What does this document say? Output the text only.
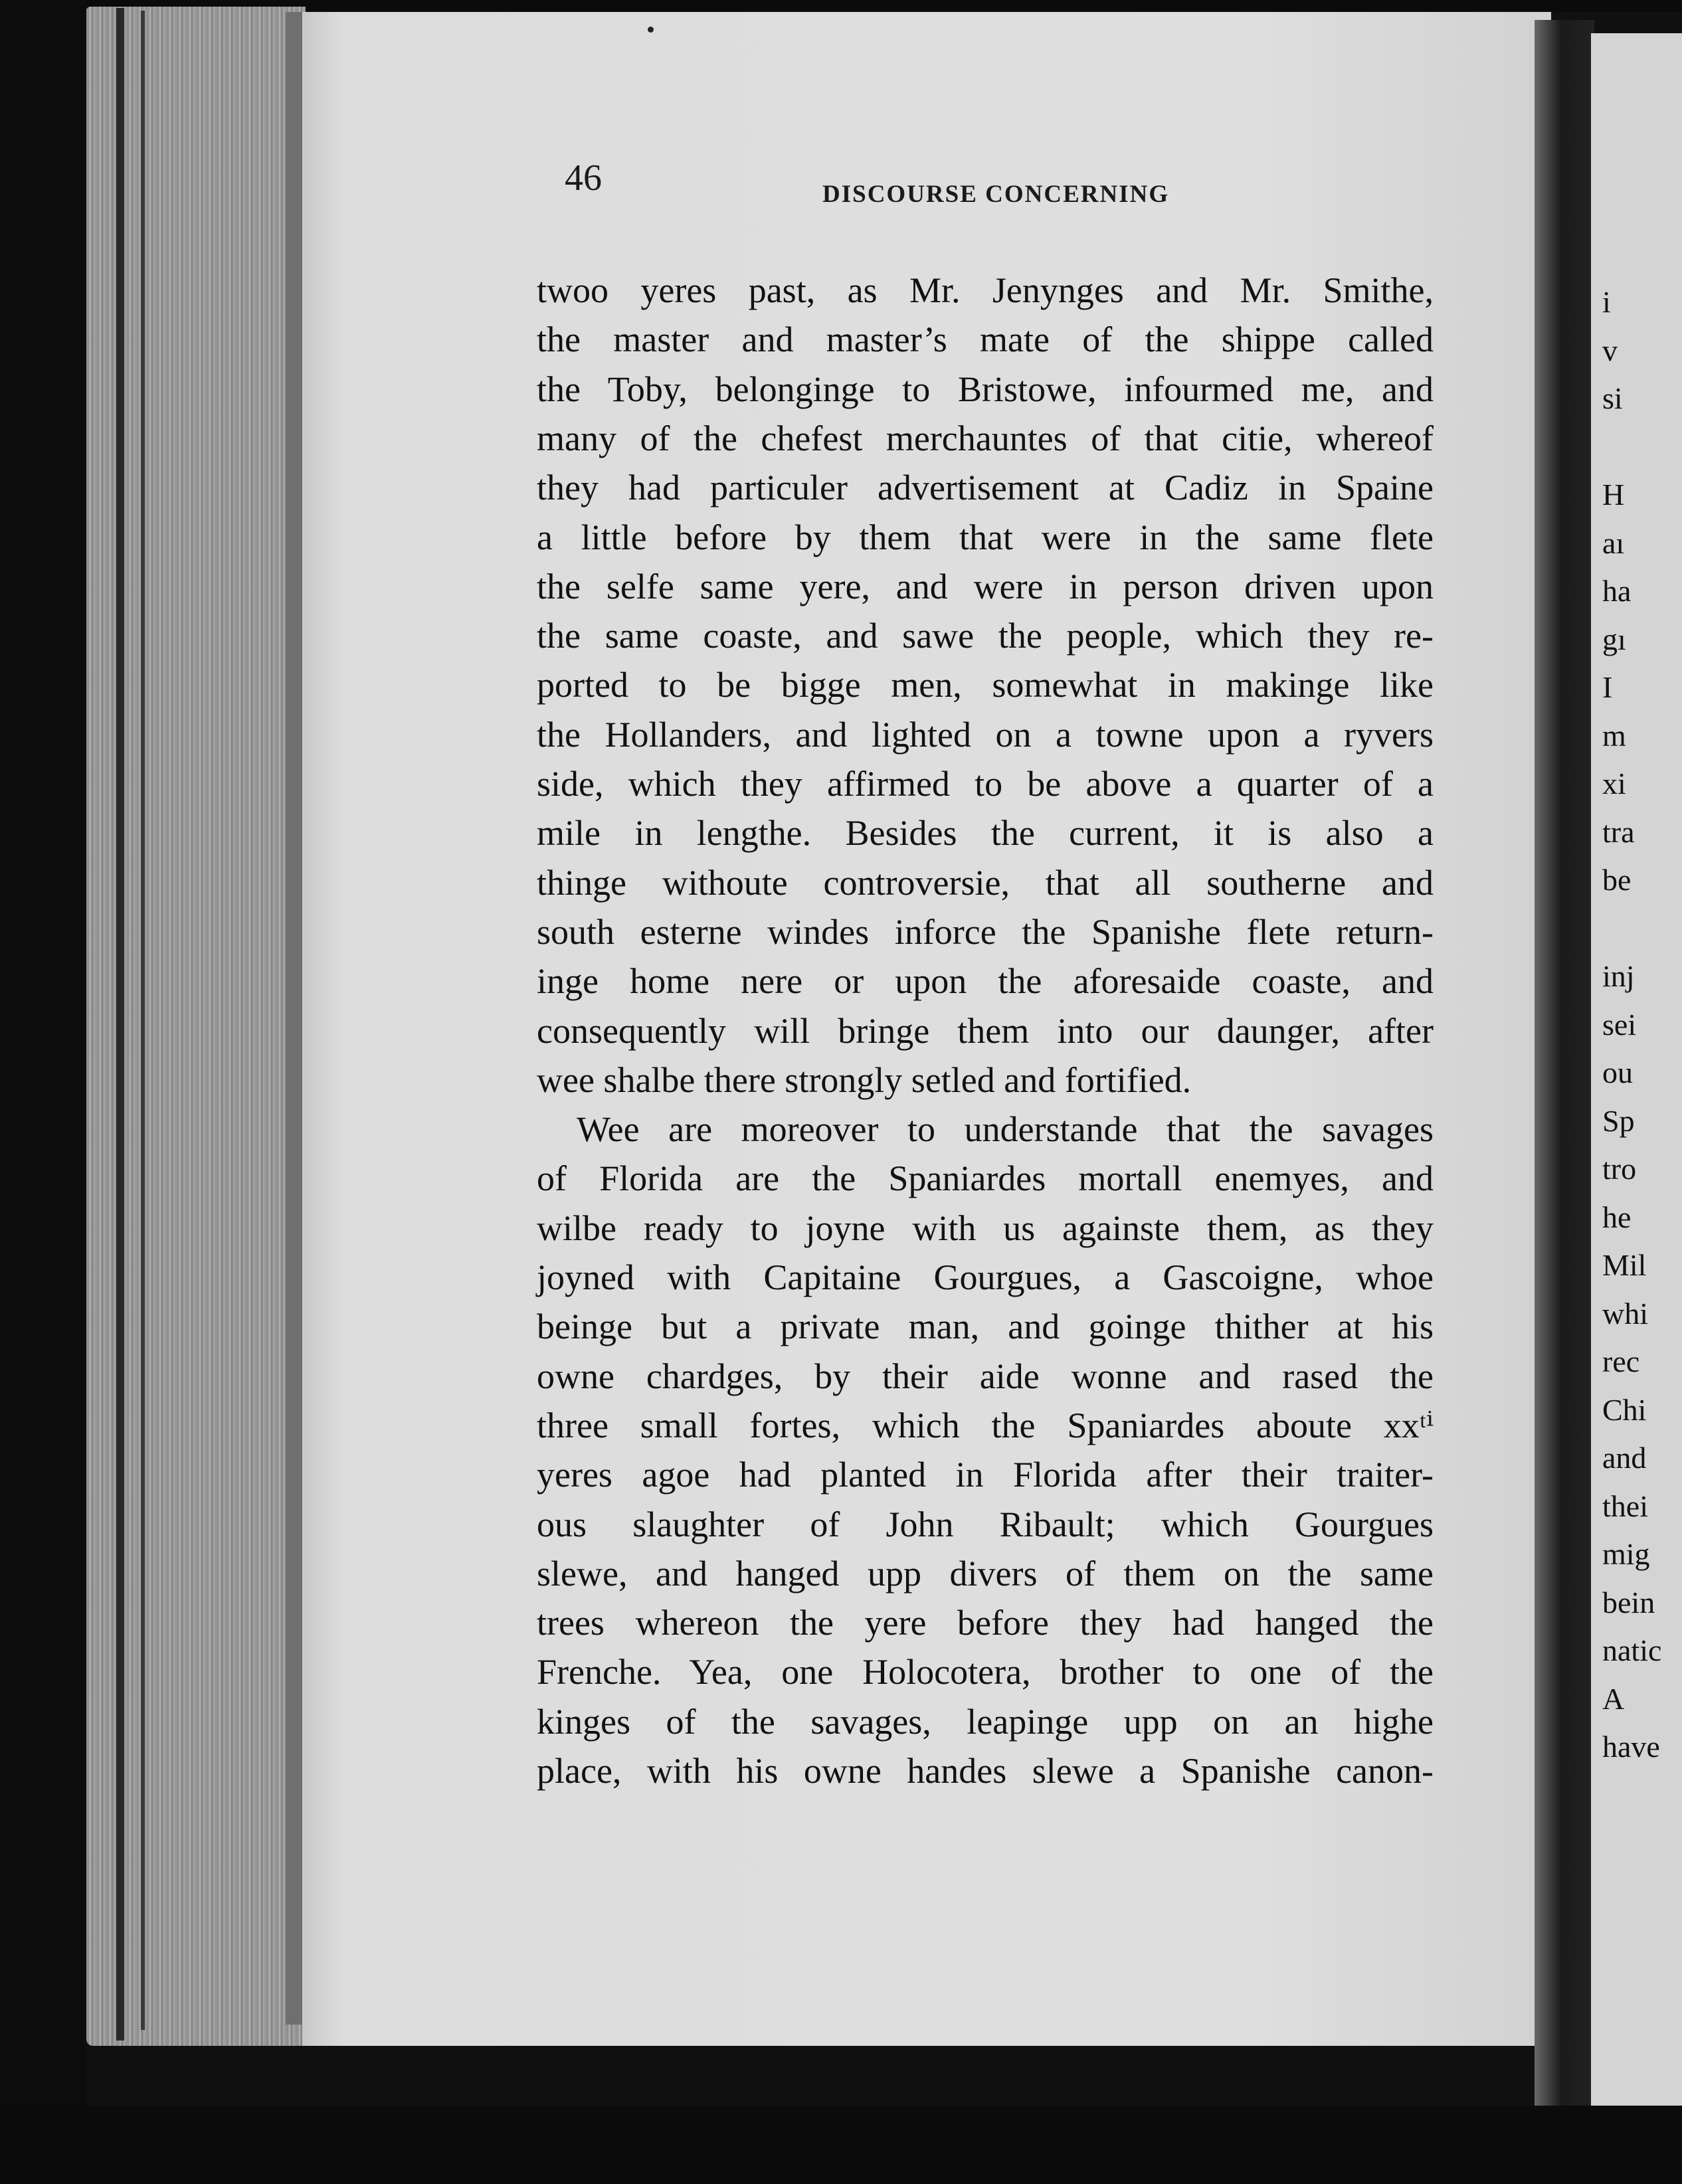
46	DISCOURSE CONCERNING
twoo yeres past, as Mr. Jenynges and Mr. Smithe,
the master and master’s mate of the shippe called
the Toby, belonginge to Bristowe, infourmed me, and
many of the chefest merchauntes of that citie, whereof
they had particuler advertisement at Cadiz in Spaine
a little before by them that were in the same flete
the selfe same yere, and were in person driven upon
the same coaste, and sawe the people, which they re-
ported to be bigge men, somewhat in makinge like
the Hollanders, and lighted on a towne upon a ryvers
side, which they affirmed to be above a quarter of a
mile in lengthe. Besides the current, it is also a
thinge withoute controversie, that all southerne and
south esterne windes inforce the Spanishe flete return-
inge home nere or upon the aforesaide coaste, and
consequently will bringe them into our daunger, after
wee shalbe there strongly setled and fortified.
Wee are moreover to understande that the savages
of Florida are the Spaniardes mortall enemyes, and
wilbe ready to joyne with us againste them, as they
joyned with Capitaine Gourgues, a Gascoigne, whoe
beinge but a private man, and goinge thither at his
owne chardges, by their aide wonne and rased the
three small fortes, which the Spaniardes aboute xxᵗⁱ
yeres agoe had planted in Florida after their traiter-
ous slaughter of John Ribault; which Gourgues
slewe, and hanged upp divers of them on the same
trees whereon the yere before they had hanged the
Frenche. Yea, one Holocotera, brother to one of the
kinges of the savages, leapinge upp on an highe
place, with his owne handes slewe a Spanishe canon-
i
v
si
H
aı
ha
gı
I
m
xi
tra
be
inj
sei
ou
Sp
tro
he
Mil
whi
rec
Chi
and
thei
mig
bein
natic
A
have
